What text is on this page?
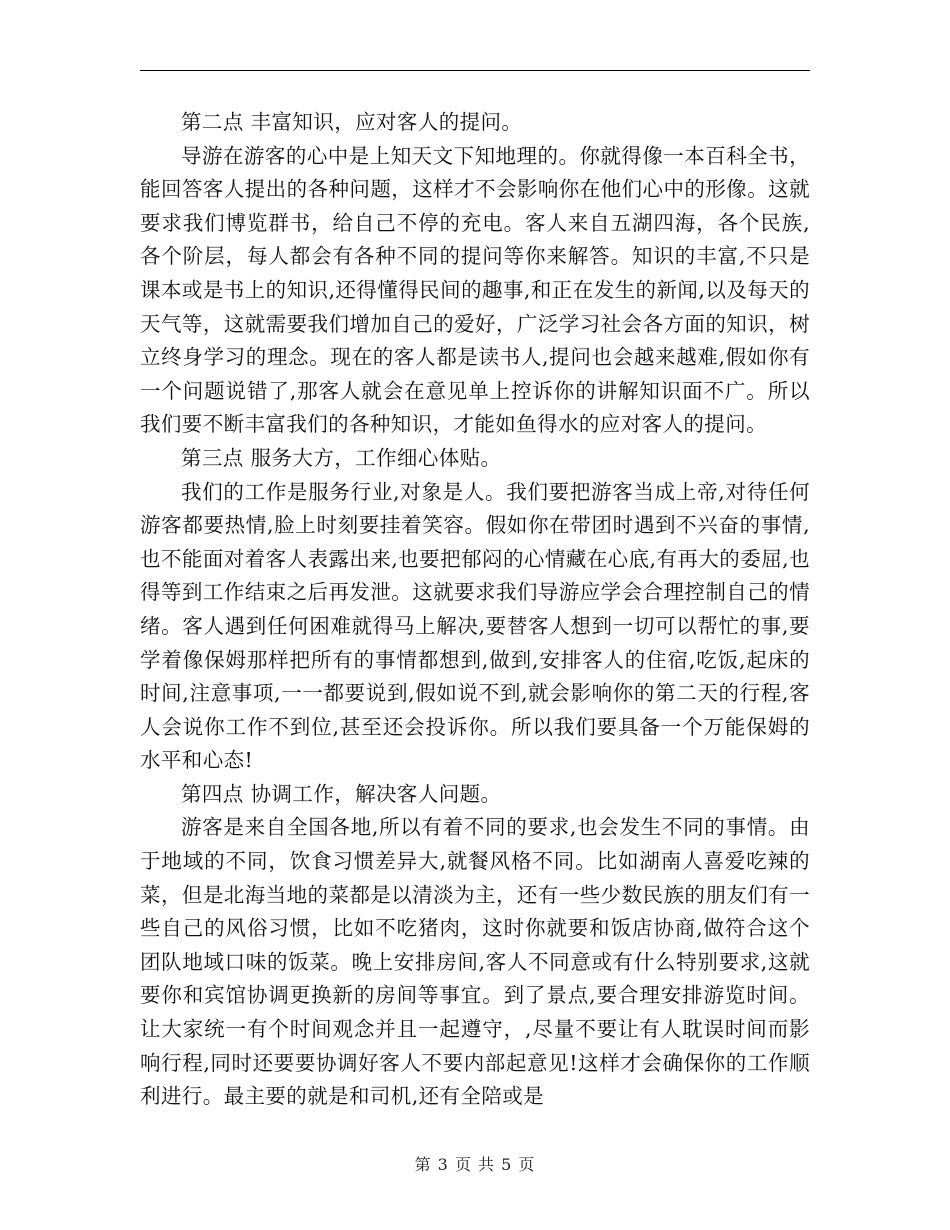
第二点 丰富知识，应对客人的提问。

导游在游客的心中是上知天文下知地理的。你就得像一本百科全书，能回答客人提出的各种问题，这样才不会影响你在他们心中的形像。这就要求我们博览群书，给自己不停的充电。客人来自五湖四海，各个民族,各个阶层，每人都会有各种不同的提问等你来解答。知识的丰富,不只是课本或是书上的知识,还得懂得民间的趣事,和正在发生的新闻,以及每天的天气等，这就需要我们增加自己的爱好，广泛学习社会各方面的知识，树立终身学习的理念。现在的客人都是读书人,提问也会越来越难,假如你有一个问题说错了,那客人就会在意见单上控诉你的讲解知识面不广。所以我们要不断丰富我们的各种知识，才能如鱼得水的应对客人的提问。

第三点 服务大方，工作细心体贴。

我们的工作是服务行业,对象是人。我们要把游客当成上帝,对待任何游客都要热情,脸上时刻要挂着笑容。假如你在带团时遇到不兴奋的事情,也不能面对着客人表露出来,也要把郁闷的心情藏在心底,有再大的委屈,也得等到工作结束之后再发泄。这就要求我们导游应学会合理控制自己的情绪。客人遇到任何困难就得马上解决,要替客人想到一切可以帮忙的事,要学着像保姆那样把所有的事情都想到,做到,安排客人的住宿,吃饭,起床的时间,注意事项,一一都要说到,假如说不到,就会影响你的第二天的行程,客人会说你工作不到位,甚至还会投诉你。所以我们要具备一个万能保姆的水平和心态!

第四点 协调工作，解决客人问题。

游客是来自全国各地,所以有着不同的要求,也会发生不同的事情。由于地域的不同，饮食习惯差异大,就餐风格不同。比如湖南人喜爱吃辣的菜，但是北海当地的菜都是以清淡为主，还有一些少数民族的朋友们有一些自己的风俗习惯，比如不吃猪肉，这时你就要和饭店协商,做符合这个团队地域口味的饭菜。晚上安排房间,客人不同意或有什么特别要求,这就要你和宾馆协调更换新的房间等事宜。到了景点,要合理安排游览时间。让大家统一有个时间观念并且一起遵守，,尽量不要让有人耽误时间而影响行程,同时还要要协调好客人不要内部起意见!这样才会确保你的工作顺利进行。最主要的就是和司机,还有全陪或是

第 3 页 共 5 页
